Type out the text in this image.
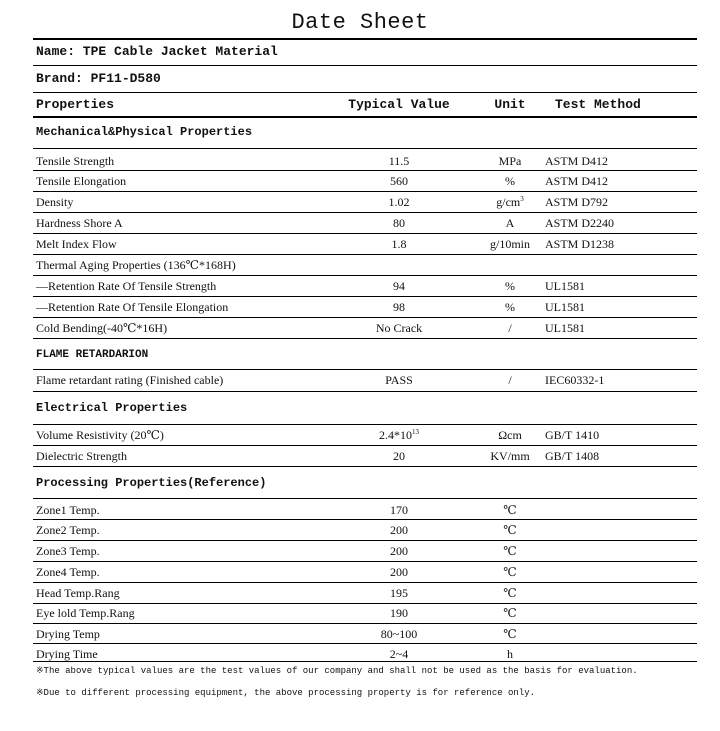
Date Sheet
Name: TPE Cable Jacket Material
Brand: PF11-D580
Properties	Typical Value	Unit	Test Method
Mechanical&Physical Properties
FLAME RETARDARION
Electrical Properties
Processing Properties(Reference)
※The above typical values are the test values of our company and shall not be used as the basis for evaluation.
※Due to different processing equipment, the above processing property is for reference only.
Tensile Strength	11.5	MPa	ASTM D412
Tensile Elongation	560	%	ASTM D412
Density	1.02	$g/cm^3$	ASTM D792
Hardness Shore A	80	A	ASTM D2240
Melt Index Flow	1.8	g/10min	ASTM D1238
Thermal Aging Properties (136℃*168H)
—Retention Rate Of Tensile Strength	94	%	UL1581
—Retention Rate Of Tensile Elongation	98	%	UL1581
Cold Bending(-40℃*16H)	No Crack	/	UL1581
Flame retardant rating (Finished cable)	PASS	/	IEC60332-1
Volume Resistivity (20℃)	$2.4*10^{13}$	Ωcm	GB/T 1410
Dielectric Strength	20	KV/mm	GB/T 1408
Zone1 Temp.	170	℃
Zone2 Temp.	200	℃
Zone3 Temp.	200	℃
Zone4 Temp.	200	℃
Head Temp.Rang	195	℃
Eye lold Temp.Rang	190	℃
Drying Temp	80~100	℃
Drying Time	2~4	h
